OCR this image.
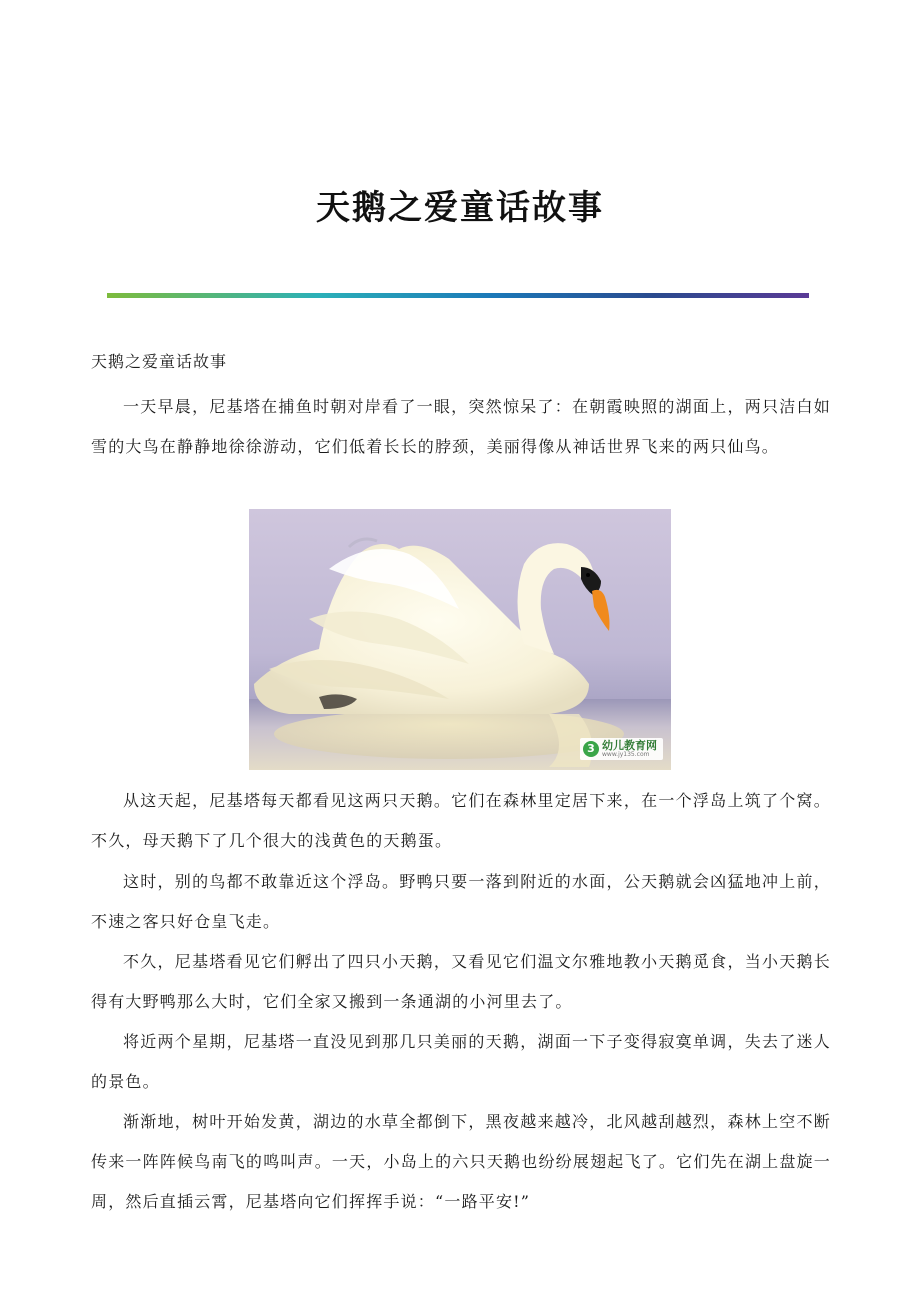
天鹅之爱童话故事

天鹅之爱童话故事

一天早晨，尼基塔在捕鱼时朝对岸看了一眼，突然惊呆了：在朝霞映照的湖面上，两只洁白如雪的大鸟在静静地徐徐游动，它们低着长长的脖颈，美丽得像从神话世界飞来的两只仙鸟。

3 幼儿教育网
www.jy135.com

从这天起，尼基塔每天都看见这两只天鹅。它们在森林里定居下来，在一个浮岛上筑了个窝。不久，母天鹅下了几个很大的浅黄色的天鹅蛋。

这时，别的鸟都不敢靠近这个浮岛。野鸭只要一落到附近的水面，公天鹅就会凶猛地冲上前，不速之客只好仓皇飞走。

不久，尼基塔看见它们孵出了四只小天鹅，又看见它们温文尔雅地教小天鹅觅食，当小天鹅长得有大野鸭那么大时，它们全家又搬到一条通湖的小河里去了。

将近两个星期，尼基塔一直没见到那几只美丽的天鹅，湖面一下子变得寂寞单调，失去了迷人的景色。

渐渐地，树叶开始发黄，湖边的水草全都倒下，黑夜越来越冷，北风越刮越烈，森林上空不断传来一阵阵候鸟南飞的鸣叫声。一天，小岛上的六只天鹅也纷纷展翅起飞了。它们先在湖上盘旋一周，然后直插云霄，尼基塔向它们挥挥手说：“一路平安!”
